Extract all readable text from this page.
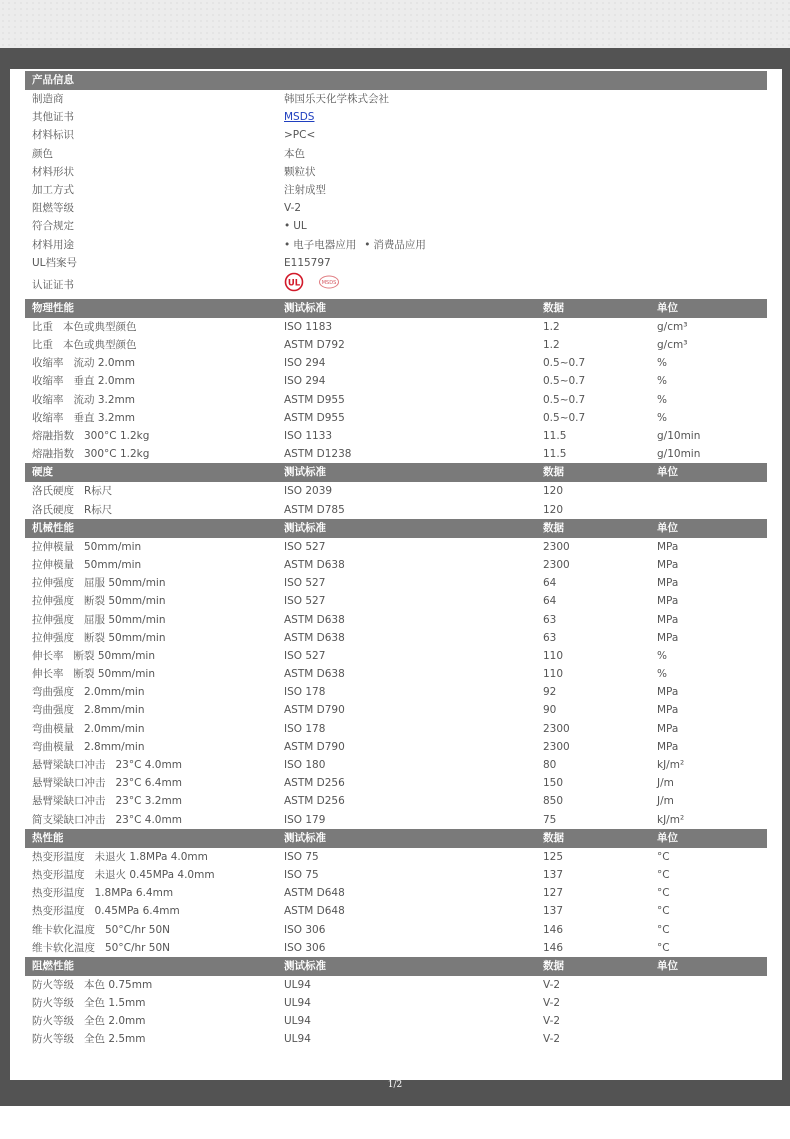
产品信息
制造商	韩国乐天化学株式会社
其他证书	MSDS
材料标识	>PC<
颜色	本色
材料形状	颗粒状
加工方式	注射成型
阻燃等级	V-2
符合规定	• UL
材料用途	• 电子电器应用 • 消费品应用
UL档案号	E115797
认证证书	UL	MSDS
物理性能	测试标准	数据	单位
比重 本色或典型颜色	ISO 1183	1.2	g/cm³
比重 本色或典型颜色	ASTM D792	1.2	g/cm³
收缩率 流动 2.0mm	ISO 294	0.5~0.7	%
收缩率 垂直 2.0mm	ISO 294	0.5~0.7	%
收缩率 流动 3.2mm	ASTM D955	0.5~0.7	%
收缩率 垂直 3.2mm	ASTM D955	0.5~0.7	%
熔融指数 300°C 1.2kg	ISO 1133	11.5	g/10min
熔融指数 300°C 1.2kg	ASTM D1238	11.5	g/10min
硬度	测试标准	数据	单位
洛氏硬度 R标尺	ISO 2039	120
洛氏硬度 R标尺	ASTM D785	120
机械性能	测试标准	数据	单位
拉伸模量 50mm/min	ISO 527	2300	MPa
拉伸模量 50mm/min	ASTM D638	2300	MPa
拉伸强度 屈服 50mm/min	ISO 527	64	MPa
拉伸强度 断裂 50mm/min	ISO 527	64	MPa
拉伸强度 屈服 50mm/min	ASTM D638	63	MPa
拉伸强度 断裂 50mm/min	ASTM D638	63	MPa
伸长率 断裂 50mm/min	ISO 527	110	%
伸长率 断裂 50mm/min	ASTM D638	110	%
弯曲强度 2.0mm/min	ISO 178	92	MPa
弯曲强度 2.8mm/min	ASTM D790	90	MPa
弯曲模量 2.0mm/min	ISO 178	2300	MPa
弯曲模量 2.8mm/min	ASTM D790	2300	MPa
悬臂梁缺口冲击 23°C 4.0mm	ISO 180	80	kJ/m²
悬臂梁缺口冲击 23°C 6.4mm	ASTM D256	150	J/m
悬臂梁缺口冲击 23°C 3.2mm	ASTM D256	850	J/m
简支梁缺口冲击 23°C 4.0mm	ISO 179	75	kJ/m²
热性能	测试标准	数据	单位
热变形温度 未退火 1.8MPa 4.0mm	ISO 75	125	°C
热变形温度 未退火 0.45MPa 4.0mm	ISO 75	137	°C
热变形温度 1.8MPa 6.4mm	ASTM D648	127	°C
热变形温度 0.45MPa 6.4mm	ASTM D648	137	°C
维卡软化温度 50°C/hr 50N	ISO 306	146	°C
维卡软化温度 50°C/hr 50N	ISO 306	146	°C
阻燃性能	测试标准	数据	单位
防火等级 本色 0.75mm	UL94	V-2
防火等级 全色 1.5mm	UL94	V-2
防火等级 全色 2.0mm	UL94	V-2
防火等级 全色 2.5mm	UL94	V-2
1/2
